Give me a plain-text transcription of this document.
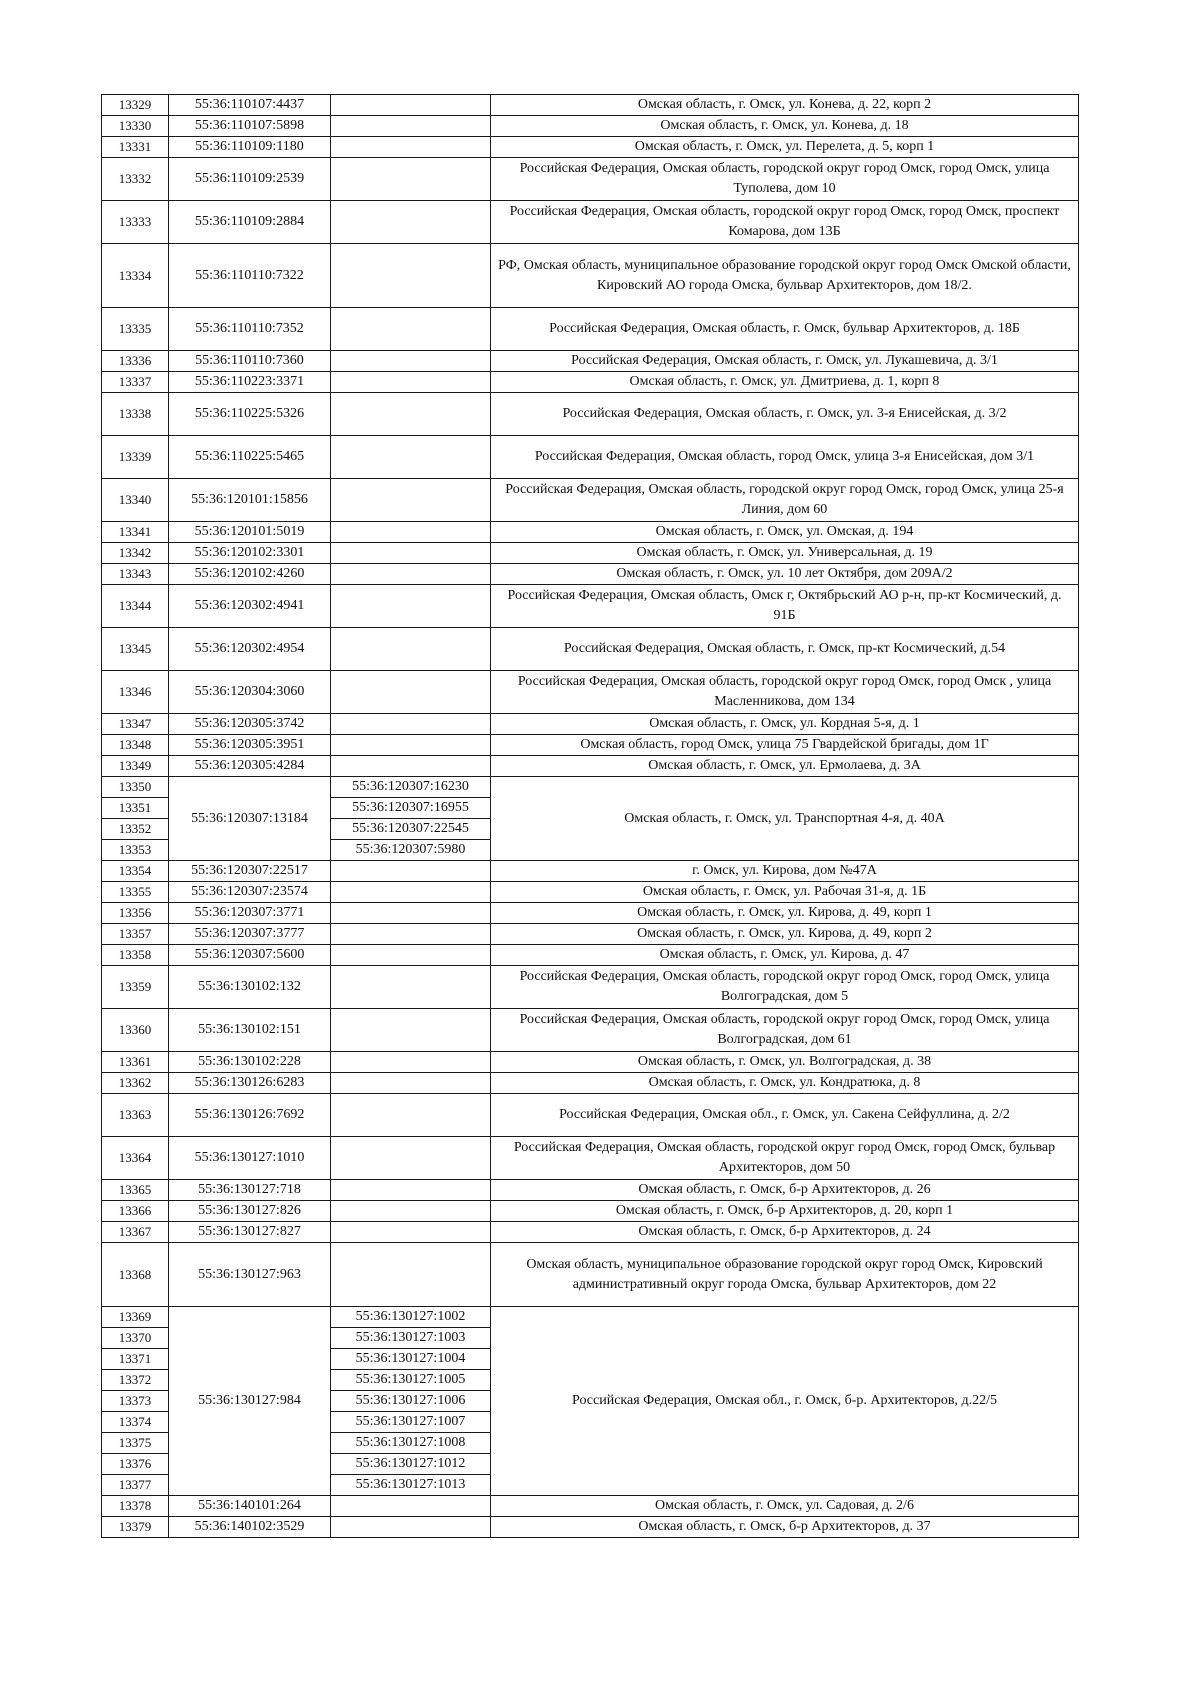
13329	55:36:110107:4437		Омская область, г. Омск, ул. Конева, д. 22, корп 2
13330	55:36:110107:5898		Омская область, г. Омск, ул. Конева, д. 18
13331	55:36:110109:1180		Омская область, г. Омск, ул. Перелета, д. 5, корп 1
13332	55:36:110109:2539		Российская Федерация, Омская область, городской округ город Омск, город Омск, улица Туполева, дом 10
13333	55:36:110109:2884		Российская Федерация, Омская область, городской округ город Омск, город Омск, проспект Комарова, дом 13Б
13334	55:36:110110:7322		РФ, Омская область, муниципальное образование городской округ город Омск Омской области, Кировский АО города Омска, бульвар Архитекторов, дом 18/2.
13335	55:36:110110:7352		Российская Федерация, Омская область, г. Омск, бульвар Архитекторов, д. 18Б
13336	55:36:110110:7360		Российская Федерация, Омская область, г. Омск, ул. Лукашевича, д. 3/1
13337	55:36:110223:3371		Омская область, г. Омск, ул. Дмитриева, д. 1, корп 8
13338	55:36:110225:5326		Российская Федерация, Омская область, г. Омск, ул. 3-я Енисейская, д. 3/2
13339	55:36:110225:5465		Российская Федерация, Омская область, город Омск, улица 3-я Енисейская, дом 3/1
13340	55:36:120101:15856		Российская Федерация, Омская область, городской округ город Омск, город Омск, улица 25-я Линия, дом 60
13341	55:36:120101:5019		Омская область, г. Омск, ул. Омская, д. 194
13342	55:36:120102:3301		Омская область, г. Омск, ул. Универсальная, д. 19
13343	55:36:120102:4260		Омская область, г. Омск, ул. 10 лет Октября, дом 209А/2
13344	55:36:120302:4941		Российская Федерация, Омская область, Омск г, Октябрьский АО р-н, пр-кт Космический, д. 91Б
13345	55:36:120302:4954		Российская Федерация, Омская область, г. Омск, пр-кт Космический, д.54
13346	55:36:120304:3060		Российская Федерация, Омская область, городской округ город Омск, город Омск , улица Масленникова, дом 134
13347	55:36:120305:3742		Омская область, г. Омск, ул. Кордная 5-я, д. 1
13348	55:36:120305:3951		Омская область, город Омск, улица 75 Гвардейской бригады, дом 1Г
13349	55:36:120305:4284		Омская область, г. Омск, ул. Ермолаева, д. 3А
13350	55:36:120307:13184	55:36:120307:16230	Омская область, г. Омск, ул. Транспортная 4-я, д. 40А
13351		55:36:120307:16955	
13352		55:36:120307:22545	
13353		55:36:120307:5980	
13354	55:36:120307:22517		г. Омск, ул. Кирова, дом №47А
13355	55:36:120307:23574		Омская область, г. Омск, ул. Рабочая 31-я, д. 1Б
13356	55:36:120307:3771		Омская область, г. Омск, ул. Кирова, д. 49, корп 1
13357	55:36:120307:3777		Омская область, г. Омск, ул. Кирова, д. 49, корп 2
13358	55:36:120307:5600		Омская область, г. Омск, ул. Кирова, д. 47
13359	55:36:130102:132		Российская Федерация, Омская область, городской округ город Омск, город Омск, улица Волгоградская, дом 5
13360	55:36:130102:151		Российская Федерация, Омская область, городской округ город Омск, город Омск, улица Волгоградская, дом 61
13361	55:36:130102:228		Омская область, г. Омск, ул. Волгоградская, д. 38
13362	55:36:130126:6283		Омская область, г. Омск, ул. Кондратюка, д. 8
13363	55:36:130126:7692		Российская Федерация, Омская обл., г. Омск, ул. Сакена Сейфуллина, д. 2/2
13364	55:36:130127:1010		Российская Федерация, Омская область, городской округ город Омск, город Омск, бульвар Архитекторов, дом 50
13365	55:36:130127:718		Омская область, г. Омск, б-р Архитекторов, д. 26
13366	55:36:130127:826		Омская область, г. Омск, б-р Архитекторов, д. 20, корп 1
13367	55:36:130127:827		Омская область, г. Омск, б-р Архитекторов, д. 24
13368	55:36:130127:963		Омская область, муниципальное образование городской округ город Омск, Кировский административный округ города Омска, бульвар Архитекторов, дом 22
13369	55:36:130127:984	55:36:130127:1002	Российская Федерация, Омская обл., г. Омск, б-р. Архитекторов, д.22/5
13370		55:36:130127:1003	
13371		55:36:130127:1004	
13372		55:36:130127:1005	
13373		55:36:130127:1006	
13374		55:36:130127:1007	
13375		55:36:130127:1008	
13376		55:36:130127:1012	
13377		55:36:130127:1013	
13378	55:36:140101:264		Омская область, г. Омск, ул. Садовая, д. 2/6
13379	55:36:140102:3529		Омская область, г. Омск, б-р Архитекторов, д. 37
